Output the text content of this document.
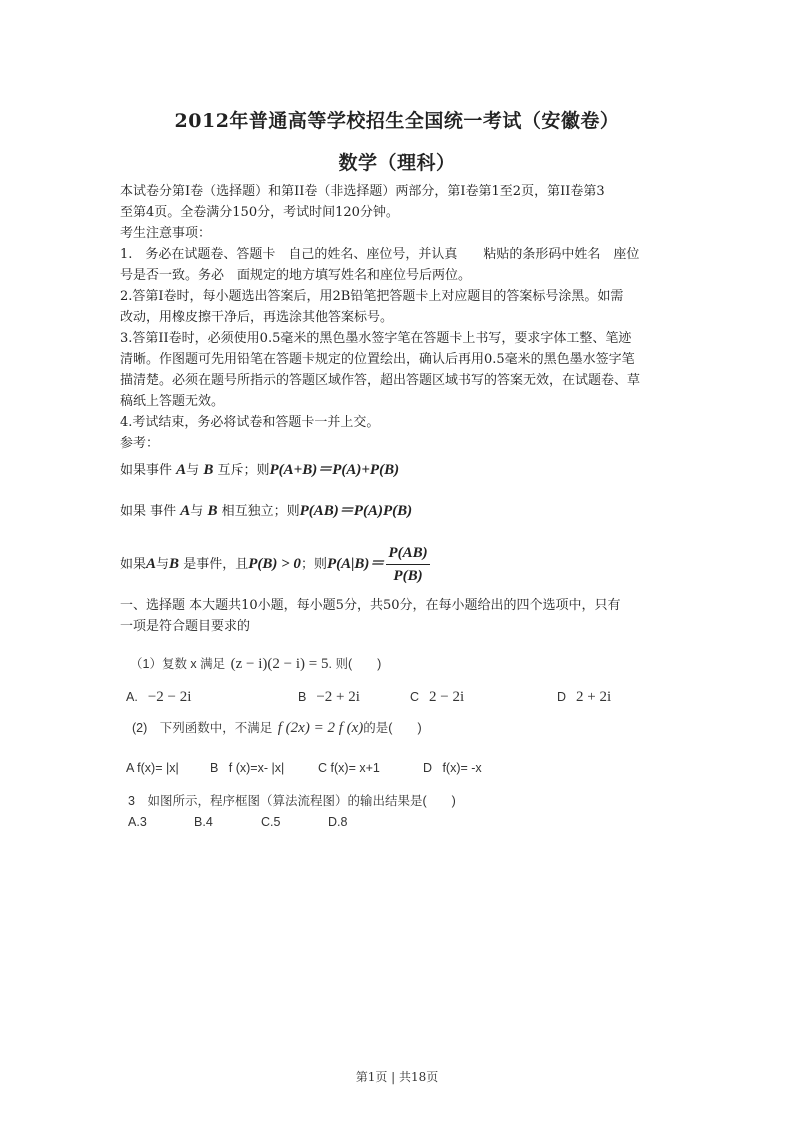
2012年普通高等学校招生全国统一考试（安徽卷）
数学（理科）
本试卷分第I卷（选择题）和第II卷（非选择题）两部分，第I卷第1至2页，第II卷第3
至第4页。全卷满分150分，考试时间120分钟。
考生注意事项：
1.　务必在试题卷、答题卡　自己的姓名、座位号，并认真　　粘贴的条形码中姓名　座位
号是否一致。务必　面规定的地方填写姓名和座位号后两位。
2.答第I卷时，每小题选出答案后，用2B铅笔把答题卡上对应题目的答案标号涂黑。如需
改动，用橡皮擦干净后，再选涂其他答案标号。
3.答第II卷时，必须使用0.5毫米的黑色墨水签字笔在答题卡上书写，要求字体工整、笔迹
清晰。作图题可先用铅笔在答题卡规定的位置绘出，确认后再用0.5毫米的黑色墨水签字笔
描清楚。必须在题号所指示的答题区域作答，超出答题区域书写的答案无效，在试题卷、草
稿纸上答题无效。
4.考试结束，务必将试卷和答题卡一并上交。
参考：
如果事件 A与 B 互斥；则P(A+B)＝P(A)+P(B)
如果 事件 A与 B 相互独立；则P(AB)＝P(A)P(B)
如果A与B 是事件，且P(B) > 0；则$P(A|B)= \frac{P(AB)}{P(B)}$
一、选择题 本大题共10小题，每小题5分，共50分，在每小题给出的四个选项中，只有
一项是符合题目要求的
（1）复数 x 满足 (z − i)(2 − i) = 5. 则(　　)
A. −2 − 2i	B −2 + 2i	C 2 − 2i	D 2 + 2i
(2)　下列函数中，不满足 f (2x) = 2 f (x)的是(　　)
A f(x)= |x|	B f (x)=x- |x|	C f(x)= x+1	D f(x)= -x
3　如图所示，程序框图（算法流程图）的输出结果是(　　)
A.3	B.4	C.5	D.8
第1页 | 共18页
